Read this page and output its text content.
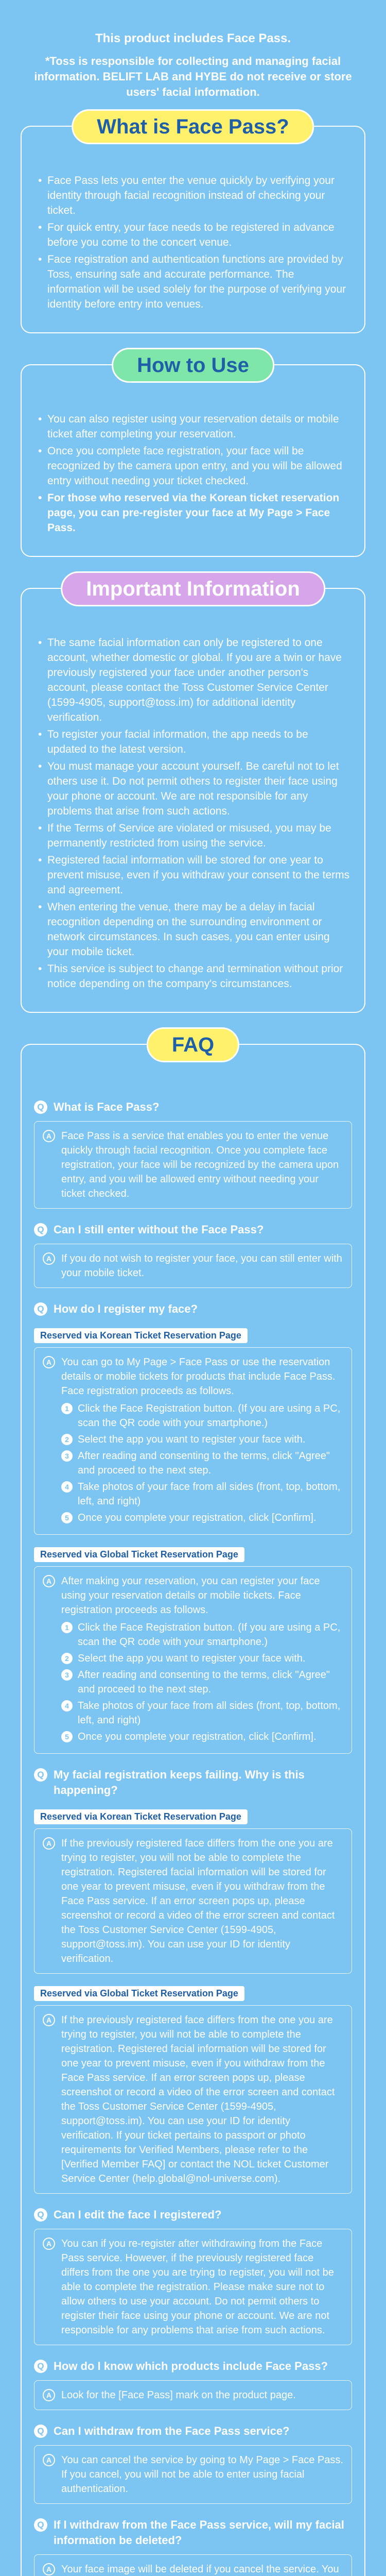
This product includes Face Pass.
*Toss is responsible for collecting and managing facial information. BELIFT LAB and HYBE do not receive or store users' facial information.
What is Face Pass?
• Face Pass lets you enter the venue quickly by verifying your identity through facial recognition instead of checking your ticket.
• For quick entry, your face needs to be registered in advance before you come to the concert venue.
• Face registration and authentication functions are provided by Toss, ensuring safe and accurate performance. The information will be used solely for the purpose of verifying your identity before entry into venues.
How to Use
• You can also register using your reservation details or mobile ticket after completing your reservation.
• Once you complete face registration, your face will be recognized by the camera upon entry, and you will be allowed entry without needing your ticket checked.
• For those who reserved via the Korean ticket reservation page, you can pre-register your face at My Page > Face Pass.
Important Information
• The same facial information can only be registered to one account, whether domestic or global. If you are a twin or have previously registered your face under another person's account, please contact the Toss Customer Service Center (1599-4905, support@toss.im) for additional identity verification.
• To register your facial information, the app needs to be updated to the latest version.
• You must manage your account yourself. Be careful not to let others use it. Do not permit others to register their face using your phone or account. We are not responsible for any problems that arise from such actions.
• If the Terms of Service are violated or misused, you may be permanently restricted from using the service.
• Registered facial information will be stored for one year to prevent misuse, even if you withdraw your consent to the terms and agreement.
• When entering the venue, there may be a delay in facial recognition depending on the surrounding environment or network circumstances. In such cases, you can enter using your mobile ticket.
• This service is subject to change and termination without prior notice depending on the company's circumstances.
FAQ
Q What is Face Pass?
A Face Pass is a service that enables you to enter the venue quickly through facial recognition. Once you complete face registration, your face will be recognized by the camera upon entry, and you will be allowed entry without needing your ticket checked.
Q Can I still enter without the Face Pass?
A If you do not wish to register your face, you can still enter with your mobile ticket.
Q How do I register my face?
Reserved via Korean Ticket Reservation Page
A You can go to My Page > Face Pass or use the reservation details or mobile tickets for products that include Face Pass. Face registration proceeds as follows.
1 Click the Face Registration button. (If you are using a PC, scan the QR code with your smartphone.)
2 Select the app you want to register your face with.
3 After reading and consenting to the terms, click "Agree" and proceed to the next step.
4 Take photos of your face from all sides (front, top, bottom, left, and right)
5 Once you complete your registration, click [Confirm].
Reserved via Global Ticket Reservation Page
A After making your reservation, you can register your face using your reservation details or mobile tickets. Face registration proceeds as follows.
1 Click the Face Registration button. (If you are using a PC, scan the QR code with your smartphone.)
2 Select the app you want to register your face with.
3 After reading and consenting to the terms, click "Agree" and proceed to the next step.
4 Take photos of your face from all sides (front, top, bottom, left, and right)
5 Once you complete your registration, click [Confirm].
Q My facial registration keeps failing. Why is this happening?
Reserved via Korean Ticket Reservation Page
A If the previously registered face differs from the one you are trying to register, you will not be able to complete the registration. Registered facial information will be stored for one year to prevent misuse, even if you withdraw from the Face Pass service. If an error screen pops up, please screenshot or record a video of the error screen and contact the Toss Customer Service Center (1599-4905, support@toss.im). You can use your ID for identity verification.
Reserved via Global Ticket Reservation Page
A If the previously registered face differs from the one you are trying to register, you will not be able to complete the registration. Registered facial information will be stored for one year to prevent misuse, even if you withdraw from the Face Pass service. If an error screen pops up, please screenshot or record a video of the error screen and contact the Toss Customer Service Center (1599-4905, support@toss.im). You can use your ID for identity verification. If your ticket pertains to passport or photo requirements for Verified Members, please refer to the [Verified Member FAQ] or contact the NOL ticket Customer Service Center (help.global@nol-universe.com).
Q Can I edit the face I registered?
A You can if you re-register after withdrawing from the Face Pass service. However, if the previously registered face differs from the one you are trying to register, you will not be able to complete the registration. Please make sure not to allow others to use your account. Do not permit others to register their face using your phone or account. We are not responsible for any problems that arise from such actions.
Q How do I know which products include Face Pass?
A Look for the [Face Pass] mark on the product page.
Q Can I withdraw from the Face Pass service?
A You can cancel the service by going to My Page > Face Pass. If you cancel, you will not be able to enter using facial authentication.
Q If I withdraw from the Face Pass service, will my facial information be deleted?
A Your face image will be deleted if you cancel the service. You
